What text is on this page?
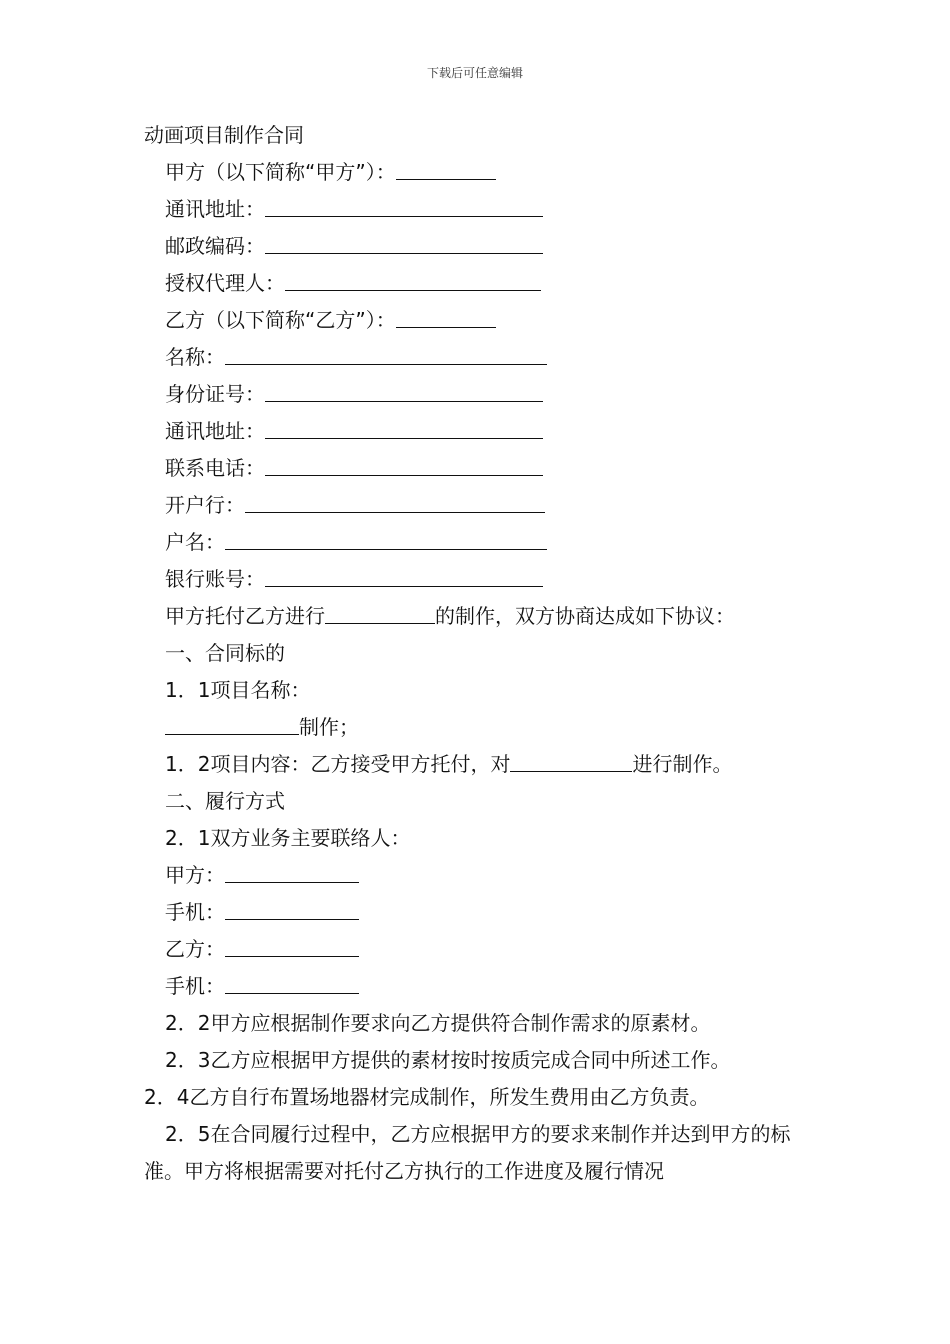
下载后可任意编辑
动画项目制作合同
甲方（以下简称“甲方”）：
通讯地址：
邮政编码：
授权代理人：
乙方（以下简称“乙方”）：
名称：
身份证号：
通讯地址：
联系电话：
开户行：
户名：
银行账号：
甲方托付乙方进行	的制作，双方协商达成如下协议：
一、合同标的
1．1项目名称：
制作；
1．2项目内容：乙方接受甲方托付，对	进行制作。
二、履行方式
2．1双方业务主要联络人：
甲方：
手机：
乙方：
手机：
2．2甲方应根据制作要求向乙方提供符合制作需求的原素材。
2．3乙方应根据甲方提供的素材按时按质完成合同中所述工作。
2．4乙方自行布置场地器材完成制作，所发生费用由乙方负责。
2．5在合同履行过程中，乙方应根据甲方的要求来制作并达到甲方的标准。甲方将根据需要对托付乙方执行的工作进度及履行情况
